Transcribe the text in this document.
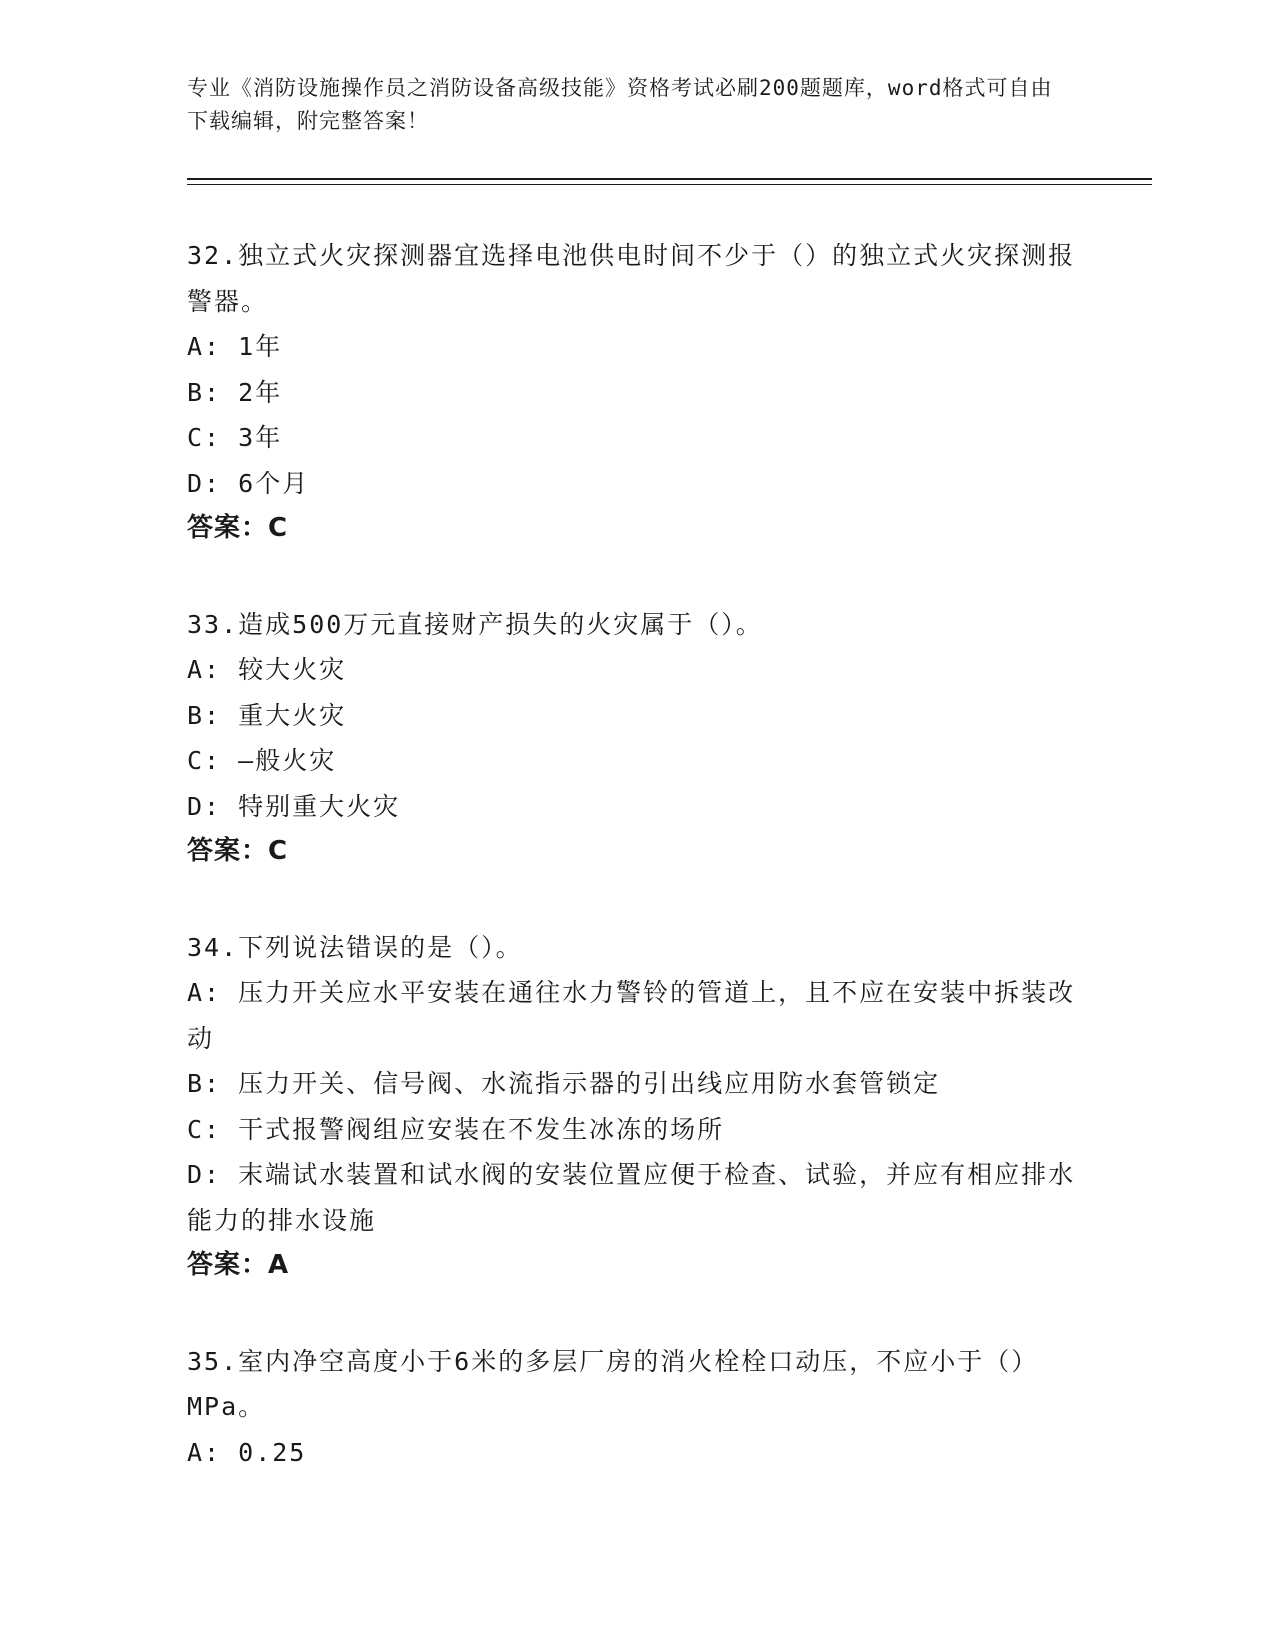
专业《消防设施操作员之消防设备高级技能》资格考试必刷200题题库，word格式可自由下载编辑，附完整答案！
32.独立式火灾探测器宜选择电池供电时间不少于（）的独立式火灾探测报警器。
A: 1年
B: 2年
C: 3年
D: 6个月
答案：C
33.造成500万元直接财产损失的火灾属于（）。
A: 较大火灾
B: 重大火灾
C: —般火灾
D: 特别重大火灾
答案：C
34.下列说法错误的是（）。
A: 压力开关应水平安装在通往水力警铃的管道上，且不应在安装中拆装改动
B: 压力开关、信号阀、水流指示器的引出线应用防水套管锁定
C: 干式报警阀组应安装在不发生冰冻的场所
D: 末端试水装置和试水阀的安装位置应便于检查、试验，并应有相应排水能力的排水设施
答案：A
35.室内净空高度小于6米的多层厂房的消火栓栓口动压，不应小于（）MPa。
A: 0.25
